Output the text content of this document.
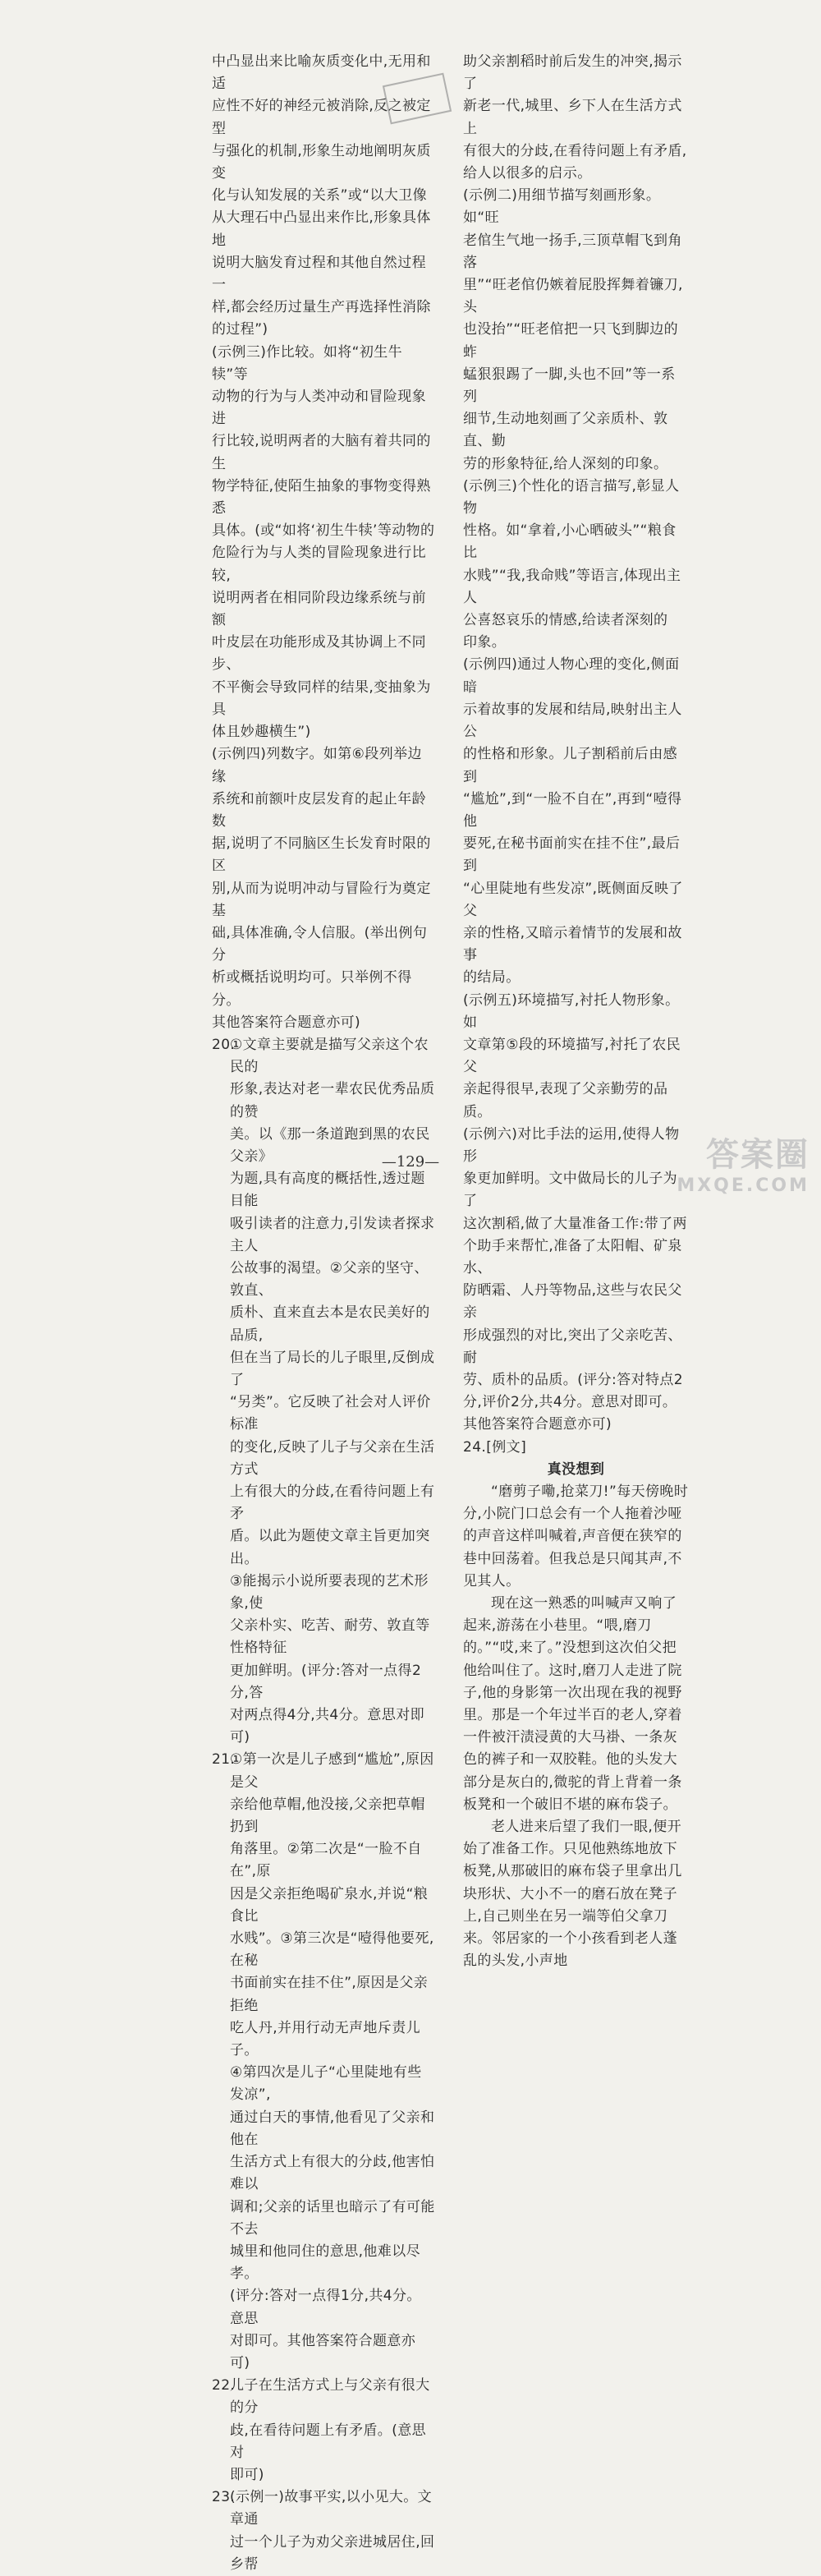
中凸显出来比喻灰质变化中,无用和适

应性不好的神经元被消除,反之被定型

与强化的机制,形象生动地阐明灰质变

化与认知发展的关系”或“以大卫像

从大理石中凸显出来作比,形象具体地

说明大脑发育过程和其他自然过程一

样,都会经历过量生产再选择性消除

的过程”)

(示例三)作比较。如将“初生牛犊”等

动物的行为与人类冲动和冒险现象进

行比较,说明两者的大脑有着共同的生

物学特征,使陌生抽象的事物变得熟悉

具体。(或“如将‘初生牛犊’等动物的

危险行为与人类的冒险现象进行比较,

说明两者在相同阶段边缘系统与前额

叶皮层在功能形成及其协调上不同步、

不平衡会导致同样的结果,变抽象为具

体且妙趣横生”)

(示例四)列数字。如第⑥段列举边缘

系统和前额叶皮层发育的起止年龄数

据,说明了不同脑区生长发育时限的区

别,从而为说明冲动与冒险行为奠定基

础,具体准确,令人信服。(举出例句分

析或概括说明均可。只举例不得分。

其他答案符合题意亦可)

20.①文章主要就是描写父亲这个农民的

形象,表达对老一辈农民优秀品质的赞

美。以《那一条道跑到黑的农民父亲》

为题,具有高度的概括性,透过题目能

吸引读者的注意力,引发读者探求主人

公故事的渴望。②父亲的坚守、敦直、

质朴、直来直去本是农民美好的品质,

但在当了局长的儿子眼里,反倒成了

“另类”。它反映了社会对人评价标准

的变化,反映了儿子与父亲在生活方式

上有很大的分歧,在看待问题上有矛

盾。以此为题使文章主旨更加突出。

③能揭示小说所要表现的艺术形象,使

父亲朴实、吃苦、耐劳、敦直等性格特征

更加鲜明。(评分:答对一点得2分,答

对两点得4分,共4分。意思对即可)

21.①第一次是儿子感到“尴尬”,原因是父

亲给他草帽,他没接,父亲把草帽扔到

角落里。②第二次是“一脸不自在”,原

因是父亲拒绝喝矿泉水,并说“粮食比

水贱”。③第三次是“噎得他要死,在秘

书面前实在挂不住”,原因是父亲拒绝

吃人丹,并用行动无声地斥责儿子。

④第四次是儿子“心里陡地有些发凉”,

通过白天的事情,他看见了父亲和他在

生活方式上有很大的分歧,他害怕难以

调和;父亲的话里也暗示了有可能不去

城里和他同住的意思,他难以尽孝。

(评分:答对一点得1分,共4分。意思

对即可。其他答案符合题意亦可)

22.儿子在生活方式上与父亲有很大的分

歧,在看待问题上有矛盾。(意思对

即可)

23.(示例一)故事平实,以小见大。文章通

过一个儿子为劝父亲进城居住,回乡帮

助父亲割稻时前后发生的冲突,揭示了

新老一代,城里、乡下人在生活方式上

有很大的分歧,在看待问题上有矛盾,

给人以很多的启示。

(示例二)用细节描写刻画形象。如“旺

老倌生气地一扬手,三顶草帽飞到角落

里”“旺老倌仍嫉着屁股挥舞着镰刀,头

也没抬”“旺老倌把一只飞到脚边的蚱

蜢狠狠踢了一脚,头也不回”等一系列

细节,生动地刻画了父亲质朴、敦直、勤

劳的形象特征,给人深刻的印象。

(示例三)个性化的语言描写,彰显人物

性格。如“拿着,小心晒破头”“粮食比

水贱”“我,我命贱”等语言,体现出主人

公喜怒哀乐的情感,给读者深刻的

印象。

(示例四)通过人物心理的变化,侧面暗

示着故事的发展和结局,映射出主人公

的性格和形象。儿子割稻前后由感到

“尴尬”,到“一脸不自在”,再到“噎得他

要死,在秘书面前实在挂不住”,最后到

“心里陡地有些发凉”,既侧面反映了父

亲的性格,又暗示着情节的发展和故事

的结局。

(示例五)环境描写,衬托人物形象。如

文章第⑤段的环境描写,衬托了农民父

亲起得很早,表现了父亲勤劳的品质。

(示例六)对比手法的运用,使得人物形

象更加鲜明。文中做局长的儿子为了

这次割稻,做了大量准备工作:带了两

个助手来帮忙,准备了太阳帽、矿泉水、

防晒霜、人丹等物品,这些与农民父亲

形成强烈的对比,突出了父亲吃苦、耐

劳、质朴的品质。(评分:答对特点2

分,评价2分,共4分。意思对即可。

其他答案符合题意亦可)

24.[例文]

真没想到

“磨剪子嘞,抢菜刀!”每天傍晚时分,小院门口总会有一个人拖着沙哑的声音这样叫喊着,声音便在狭窄的巷中回荡着。但我总是只闻其声,不见其人。

现在这一熟悉的叫喊声又响了起来,游荡在小巷里。“喂,磨刀的。”“哎,来了。”没想到这次伯父把他给叫住了。这时,磨刀人走进了院子,他的身影第一次出现在我的视野里。那是一个年过半百的老人,穿着一件被汗渍浸黄的大马褂、一条灰色的裤子和一双胶鞋。他的头发大部分是灰白的,微驼的背上背着一条板凳和一个破旧不堪的麻布袋子。

老人进来后望了我们一眼,便开始了准备工作。只见他熟练地放下板凳,从那破旧的麻布袋子里拿出几块形状、大小不一的磨石放在凳子上,自己则坐在另一端等伯父拿刀来。邻居家的一个小孩看到老人蓬乱的头发,小声地

—129—	答案圈
MXQE.COM
